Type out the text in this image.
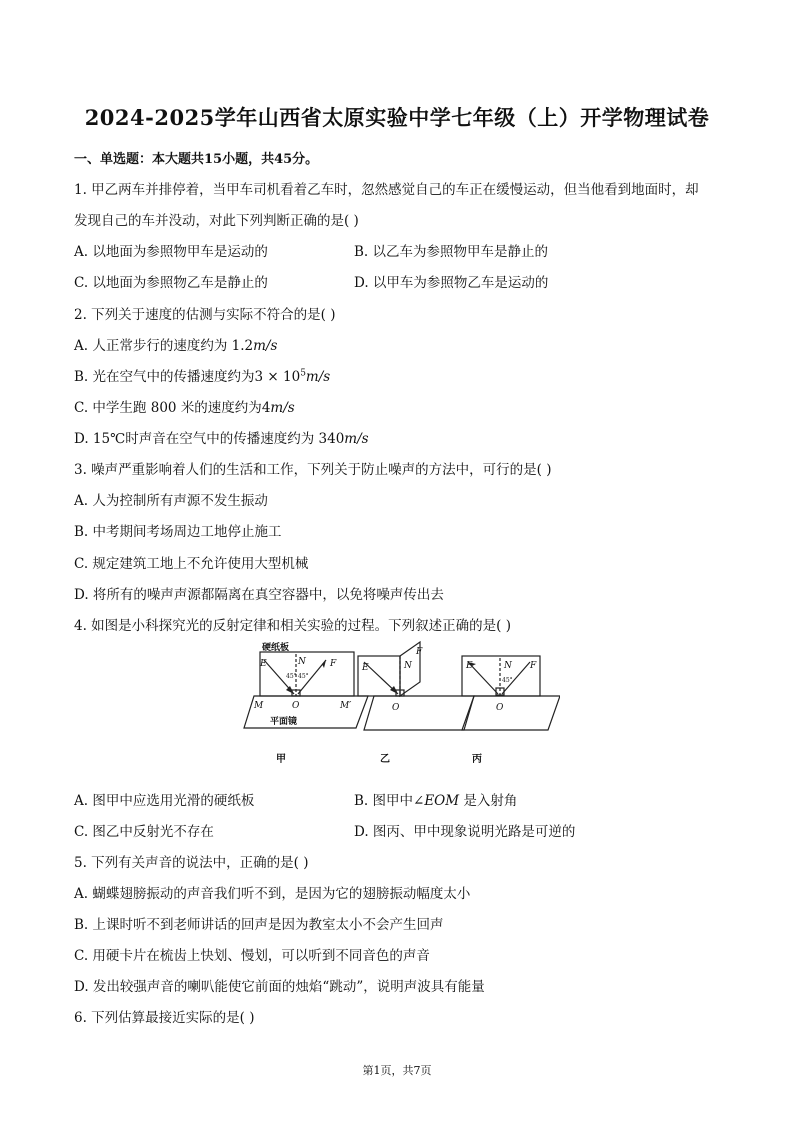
2024-2025学年山西省太原实验中学七年级（上）开学物理试卷
一、单选题：本大题共15小题，共45分。
1. 甲乙两车并排停着，当甲车司机看着乙车时，忽然感觉自己的车正在缓慢运动，但当他看到地面时，却
发现自己的车并没动，对此下列判断正确的是( )
A. 以地面为参照物甲车是运动的	B. 以乙车为参照物甲车是静止的
C. 以地面为参照物乙车是静止的	D. 以甲车为参照物乙车是运动的
2. 下列关于速度的估测与实际不符合的是( )
A. 人正常步行的速度约为 1.2m/s
B. 光在空气中的传播速度约为$3 \times 10^5m/s$
C. 中学生跑 800 米的速度约为4m/s
D. 15℃时声音在空气中的传播速度约为 340m/s
3. 噪声严重影响着人们的生活和工作，下列关于防止噪声的方法中，可行的是( )
A. 人为控制所有声源不发生振动
B. 中考期间考场周边工地停止施工
C. 规定建筑工地上不允许使用大型机械
D. 将所有的噪声声源都隔离在真空容器中，以免将噪声传出去
4. 如图是小科探究光的反射定律和相关实验的过程。下列叙述正确的是( )
硬纸板
E	N	F
O
M	M′
45° 45°
平面镜
E	N
F
O
E	N F
O
45°
甲	乙	丙
A. 图甲中应选用光滑的硬纸板	B. 图甲中∠EOM 是入射角
C. 图乙中反射光不存在	D. 图丙、甲中现象说明光路是可逆的
5. 下列有关声音的说法中，正确的是( )
A. 蝴蝶翅膀振动的声音我们听不到，是因为它的翅膀振动幅度太小
B. 上课时听不到老师讲话的回声是因为教室太小不会产生回声
C. 用硬卡片在梳齿上快划、慢划，可以听到不同音色的声音
D. 发出较强声音的喇叭能使它前面的烛焰“跳动”，说明声波具有能量
6. 下列估算最接近实际的是( )
第1页，共7页
